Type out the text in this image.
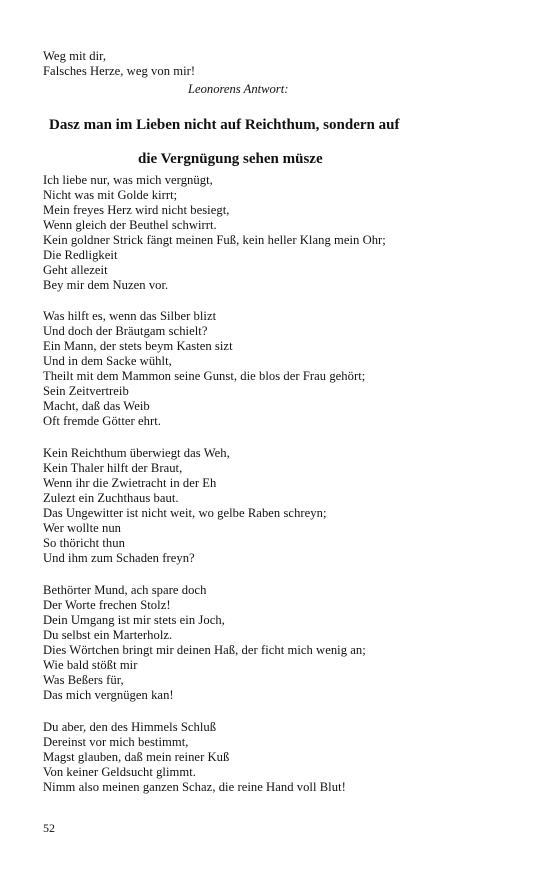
Weg mit dir,
Falsches Herze, weg von mir!
Leonorens Antwort:
Dasz man im Lieben nicht auf Reichthum, sondern auf
die Vergnügung sehen müsze
Ich liebe nur, was mich vergnügt,
Nicht was mit Golde kirrt;
Mein freyes Herz wird nicht besiegt,
Wenn gleich der Beuthel schwirrt.
Kein goldner Strick fängt meinen Fuß, kein heller Klang mein Ohr;
Die Redligkeit
Geht allezeit
Bey mir dem Nuzen vor.
Was hilft es, wenn das Silber blizt
Und doch der Bräutgam schielt?
Ein Mann, der stets beym Kasten sizt
Und in dem Sacke wühlt,
Theilt mit dem Mammon seine Gunst, die blos der Frau gehört;
Sein Zeitvertreib
Macht, daß das Weib
Oft fremde Götter ehrt.
Kein Reichthum überwiegt das Weh,
Kein Thaler hilft der Braut,
Wenn ihr die Zwietracht in der Eh
Zulezt ein Zuchthaus baut.
Das Ungewitter ist nicht weit, wo gelbe Raben schreyn;
Wer wollte nun
So thöricht thun
Und ihm zum Schaden freyn?
Bethörter Mund, ach spare doch
Der Worte frechen Stolz!
Dein Umgang ist mir stets ein Joch,
Du selbst ein Marterholz.
Dies Wörtchen bringt mir deinen Haß, der ficht mich wenig an;
Wie bald stößt mir
Was Beßers für,
Das mich vergnügen kan!
Du aber, den des Himmels Schluß
Dereinst vor mich bestimmt,
Magst glauben, daß mein reiner Kuß
Von keiner Geldsucht glimmt.
Nimm also meinen ganzen Schaz, die reine Hand voll Blut!
52
